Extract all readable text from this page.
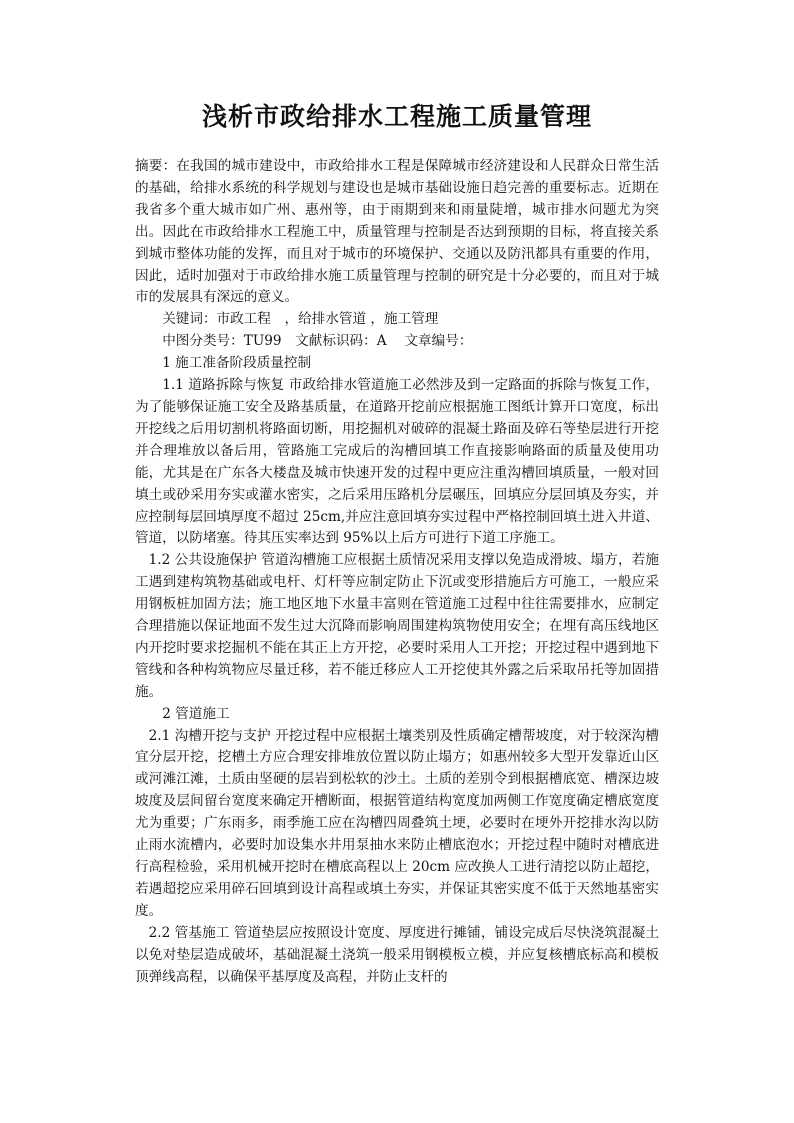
浅析市政给排水工程施工质量管理

摘要：在我国的城市建设中，市政给排水工程是保障城市经济建设和人民群众日常生活的基础，给排水系统的科学规划与建设也是城市基础设施日趋完善的重要标志。近期在我省多个重大城市如广州、惠州等，由于雨期到来和雨量陡增，城市排水问题尤为突出。因此在市政给排水工程施工中，质量管理与控制是否达到预期的目标，将直接关系到城市整体功能的发挥，而且对于城市的环境保护、交通以及防汛都具有重要的作用，因此，适时加强对于市政给排水施工质量管理与控制的研究是十分必要的，而且对于城市的发展具有深远的意义。

关键词：市政工程　，给排水管道 ，施工管理

中图分类号：TU99　文献标识码：A　 文章编号：

1 施工准备阶段质量控制

1.1 道路拆除与恢复 市政给排水管道施工必然涉及到一定路面的拆除与恢复工作，为了能够保证施工安全及路基质量，在道路开挖前应根据施工图纸计算开口宽度，标出开挖线之后用切割机将路面切断，用挖掘机对破碎的混凝土路面及碎石等垫层进行开挖并合理堆放以备后用，管路施工完成后的沟槽回填工作直接影响路面的质量及使用功能，尤其是在广东各大楼盘及城市快速开发的过程中更应注重沟槽回填质量，一般对回填土或砂采用夯实或灌水密实，之后采用压路机分层碾压，回填应分层回填及夯实，并应控制每层回填厚度不超过 25cm,并应注意回填夯实过程中严格控制回填土进入井道、管道，以防堵塞。待其压实率达到 95%以上后方可进行下道工序施工。

1.2 公共设施保护 管道沟槽施工应根据土质情况采用支撑以免造成滑坡、塌方，若施工遇到建构筑物基础或电杆、灯杆等应制定防止下沉或变形措施后方可施工，一般应采用钢板桩加固方法；施工地区地下水量丰富则在管道施工过程中往往需要排水，应制定合理措施以保证地面不发生过大沉降而影响周围建构筑物使用安全；在埋有高压线地区内开挖时要求挖掘机不能在其正上方开挖，必要时采用人工开挖；开挖过程中遇到地下管线和各种构筑物应尽量迁移，若不能迁移应人工开挖使其外露之后采取吊托等加固措施。

2 管道施工

2.1 沟槽开挖与支护 开挖过程中应根据土壤类别及性质确定槽帮坡度，对于较深沟槽宜分层开挖，挖槽土方应合理安排堆放位置以防止塌方；如惠州较多大型开发靠近山区或河滩江滩，土质由坚硬的层岩到松软的沙土。土质的差别令到根据槽底宽、槽深边坡坡度及层间留台宽度来确定开槽断面，根据管道结构宽度加两侧工作宽度确定槽底宽度尤为重要；广东雨多，雨季施工应在沟槽四周叠筑土埂，必要时在埂外开挖排水沟以防止雨水流槽内，必要时加设集水井用泵抽水来防止槽底泡水；开挖过程中随时对槽底进行高程检验，采用机械开挖时在槽底高程以上 20cm 应改换人工进行清挖以防止超挖，若遇超挖应采用碎石回填到设计高程或填土夯实，并保证其密实度不低于天然地基密实度。

2.2 管基施工 管道垫层应按照设计宽度、厚度进行摊铺，铺设完成后尽快浇筑混凝土以免对垫层造成破坏，基础混凝土浇筑一般采用钢模板立模，并应复核槽底标高和模板顶弹线高程，以确保平基厚度及高程，并防止支杆的
